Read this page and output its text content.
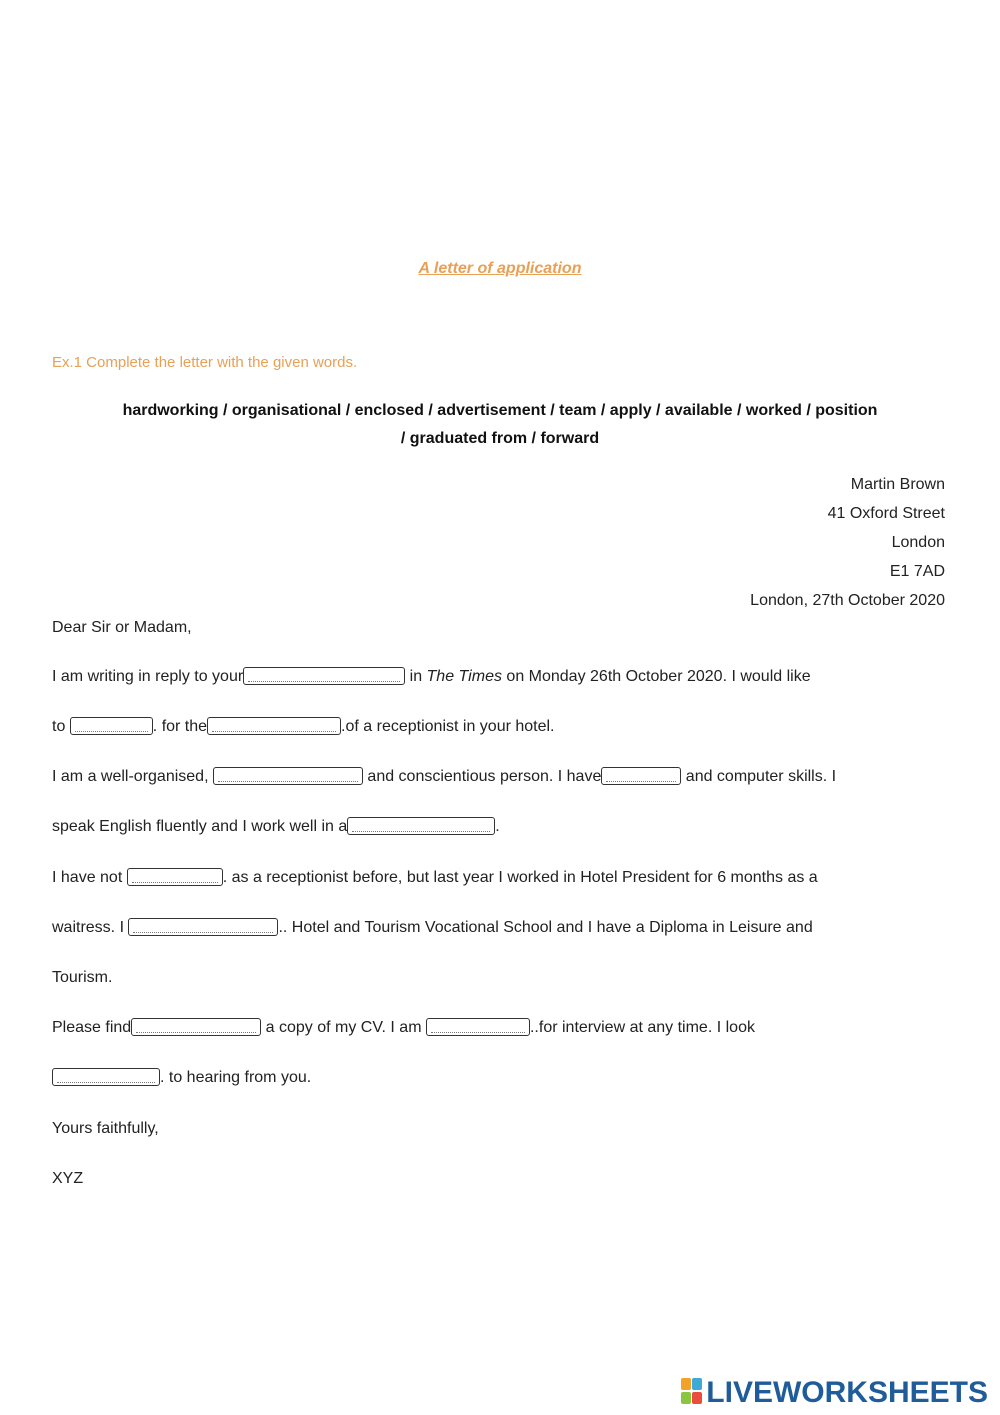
A letter of application
Ex.1 Complete the letter with the given words.
hardworking / organisational / enclosed / advertisement / team / apply / available / worked / position
/ graduated from / forward
Martin Brown
41 Oxford Street
London
E1 7AD
London, 27th October 2020
Dear Sir or Madam,
I am writing in reply to your	in The Times on Monday 26th October 2020. I would like
to	. for the	.of a receptionist in your hotel.
I am a well-organised,	and conscientious person. I have	and computer skills. I
speak English fluently and I work well in a	.
I have not	. as a receptionist before, but last year I worked in Hotel President for 6 months as a
waitress. I	.. Hotel and Tourism Vocational School and I have a Diploma in Leisure and
Tourism.
Please find	a copy of my CV. I am	..for interview at any time. I look
. to hearing from you.
Yours faithfully,
XYZ
LIVEWORKSHEETS
